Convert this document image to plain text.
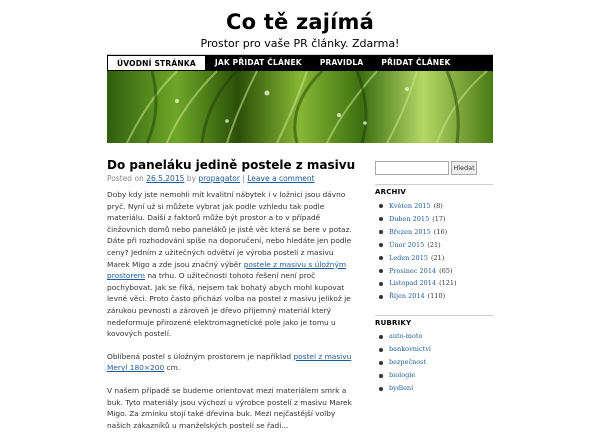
Co tě zajímá
Prostor pro vaše PR články. Zdarma!
ÚVODNÍ STRÁNKA	JAK PŘIDAT ČLÁNEK	PRAVIDLA	PŘIDAT ČLÁNEK
Do paneláku jedině postele z masivu
Posted on 26.5.2015 by propagator | Leave a comment

Doby kdy jste nemohli mít kvalitní nábytek i v ložnici jsou dávno pryč. Nyní už si můžete vybrat jak podle vzhledu tak podle materiálu. Další z faktorů může být prostor a to v případě činžovních domů nebo paneláků je jistě věc která se bere v potaz. Dáte při rozhodování spíše na doporučení, nebo hledáte jen podle ceny? Jedním z užitečných odvětví je výroba postelí z masivu Marek Migo a zde jsou značný výběr postele z masivu s úložným prostorem na trhu. O užitečnosti tohoto řešení není proč pochybovat. Jak se říká, nejsem tak bohatý abych mohl kupovat levné věci. Proto často přichází volba na postel z masivu jelikož je zárukou pevnosti a zároveň je dřevo přijemný materiál který nedeformuje přirozené elektromagnetické pole jako je tomu u kovových postelí.

Oblíbená postel s úložným prostorem je například postel z masivu Meryl 180×200 cm.

V našem případě se budeme orientovat mezi materiálem smrk a buk. Tyto materiály jsou výchozí u výrobce postelí z masivu Marek Migo. Za zmínku stojí také dřevina buk. Mezi nejčastější volby našich zákazníků u manželských postelí se řadí...

Hledat
ARCHIV
Květen 2015 (8)
Duben 2015 (17)
Březen 2015 (16)
Únor 2015 (21)
Leden 2015 (21)
Prosinec 2014 (65)
Listopad 2014 (121)
Říjen 2014 (110)
RUBRIKY
auto-moto
bankovnictví
bezpečnost
biologie
bydlení
